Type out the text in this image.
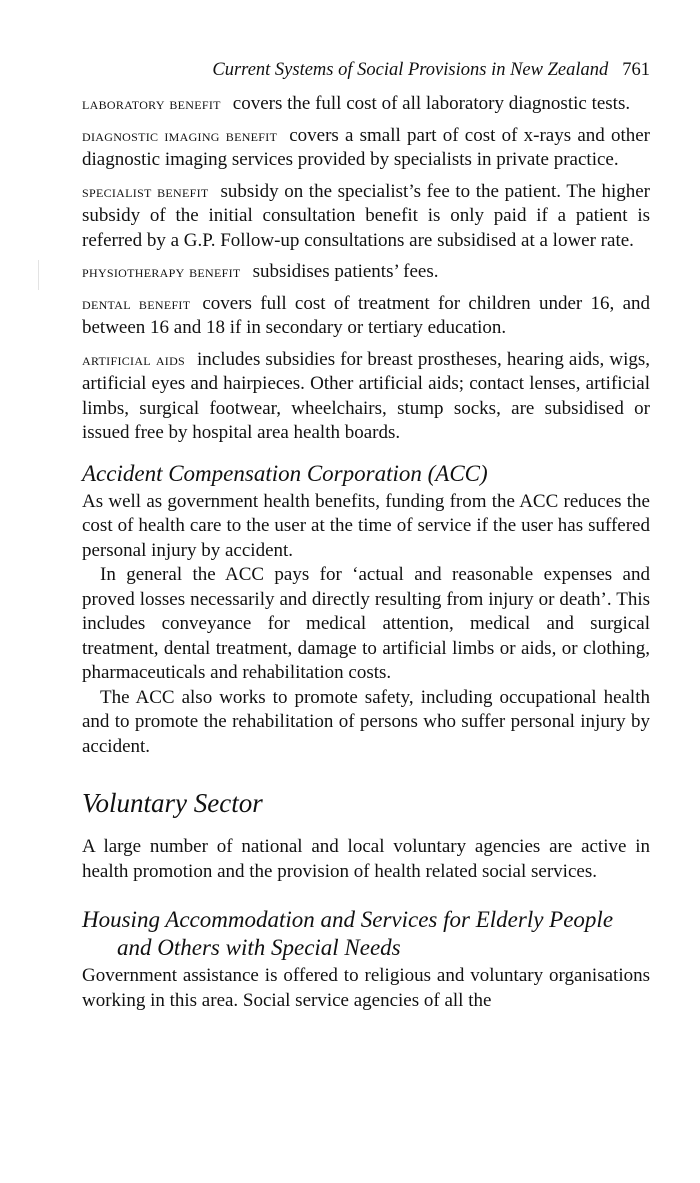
Current Systems of Social Provisions in New Zealand 761

laboratory benefit covers the full cost of all laboratory diagnostic tests.

diagnostic imaging benefit covers a small part of cost of x-rays and other diagnostic imaging services provided by specialists in private practice.

specialist benefit subsidy on the specialist’s fee to the patient. The higher subsidy of the initial consultation benefit is only paid if a patient is referred by a G.P. Follow-up consultations are subsidised at a lower rate.

physiotherapy benefit subsidises patients’ fees.

dental benefit covers full cost of treatment for children under 16, and between 16 and 18 if in secondary or tertiary education.

artificial aids includes subsidies for breast prostheses, hearing aids, wigs, artificial eyes and hairpieces. Other artificial aids; contact lenses, artificial limbs, surgical footwear, wheelchairs, stump socks, are subsidised or issued free by hospital area health boards.

Accident Compensation Corporation (ACC)

As well as government health benefits, funding from the ACC reduces the cost of health care to the user at the time of service if the user has suffered personal injury by accident.

In general the ACC pays for ‘actual and reasonable expenses and proved losses necessarily and directly resulting from injury or death’. This includes conveyance for medical attention, medical and surgical treatment, dental treatment, damage to artificial limbs or aids, or clothing, pharmaceuticals and rehabilitation costs.

The ACC also works to promote safety, including occupational health and to promote the rehabilitation of persons who suffer personal injury by accident.

Voluntary Sector

A large number of national and local voluntary agencies are active in health promotion and the provision of health related social services.

Housing Accommodation and Services for Elderly People and Others with Special Needs

Government assistance is offered to religious and voluntary organisations working in this area. Social service agencies of all the
